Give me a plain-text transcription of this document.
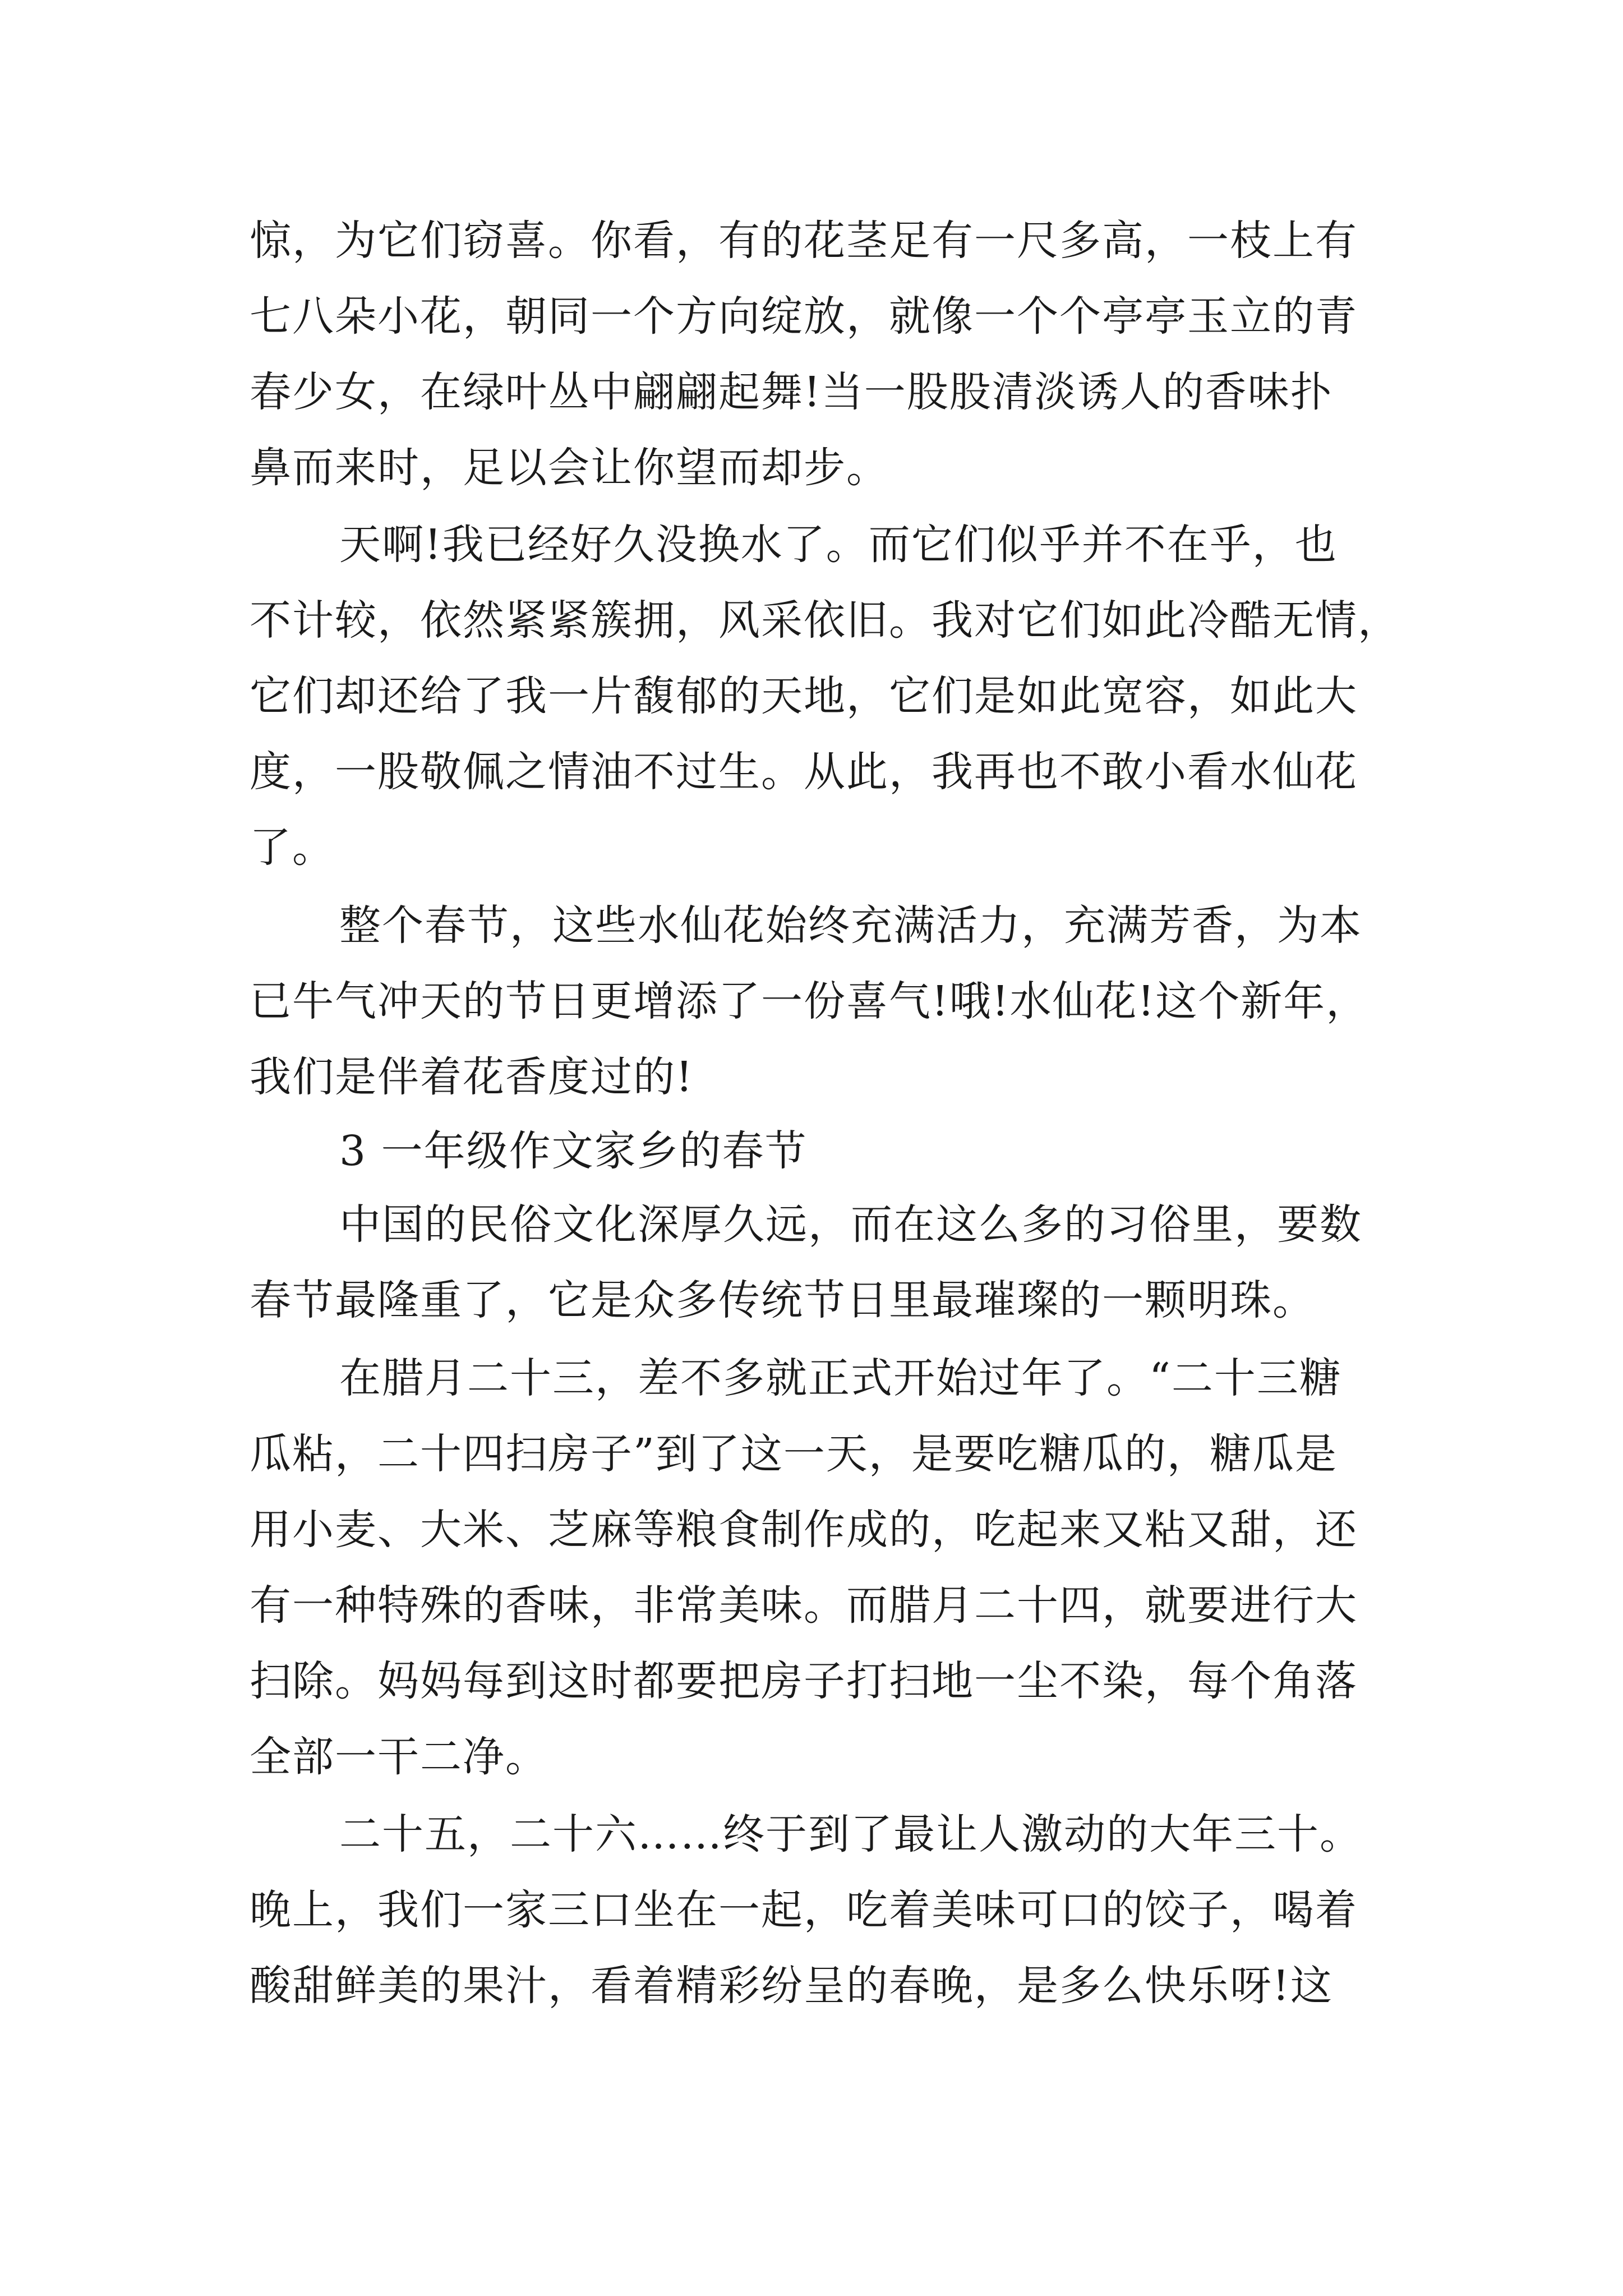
惊，为它们窃喜。你看，有的花茎足有一尺多高，一枝上有

七八朵小花，朝同一个方向绽放，就像一个个亭亭玉立的青

春少女，在绿叶丛中翩翩起舞!当一股股清淡诱人的香味扑

鼻而来时，足以会让你望而却步。

天啊!我已经好久没换水了。而它们似乎并不在乎，也

不计较，依然紧紧簇拥，风采依旧。我对它们如此冷酷无情，

它们却还给了我一片馥郁的天地，它们是如此宽容，如此大

度，一股敬佩之情油不过生。从此，我再也不敢小看水仙花

了。

整个春节，这些水仙花始终充满活力，充满芳香，为本

已牛气冲天的节日更增添了一份喜气!哦!水仙花!这个新年，

我们是伴着花香度过的!

3 一年级作文家乡的春节

中国的民俗文化深厚久远，而在这么多的习俗里，要数

春节最隆重了，它是众多传统节日里最璀璨的一颗明珠。

在腊月二十三，差不多就正式开始过年了。“二十三糖

瓜粘，二十四扫房子”到了这一天，是要吃糖瓜的，糖瓜是

用小麦、大米、芝麻等粮食制作成的，吃起来又粘又甜，还

有一种特殊的香味，非常美味。而腊月二十四，就要进行大

扫除。妈妈每到这时都要把房子打扫地一尘不染，每个角落

全部一干二净。

二十五，二十六……终于到了最让人激动的大年三十。

晚上，我们一家三口坐在一起，吃着美味可口的饺子，喝着

酸甜鲜美的果汁，看着精彩纷呈的春晚，是多么快乐呀!这
